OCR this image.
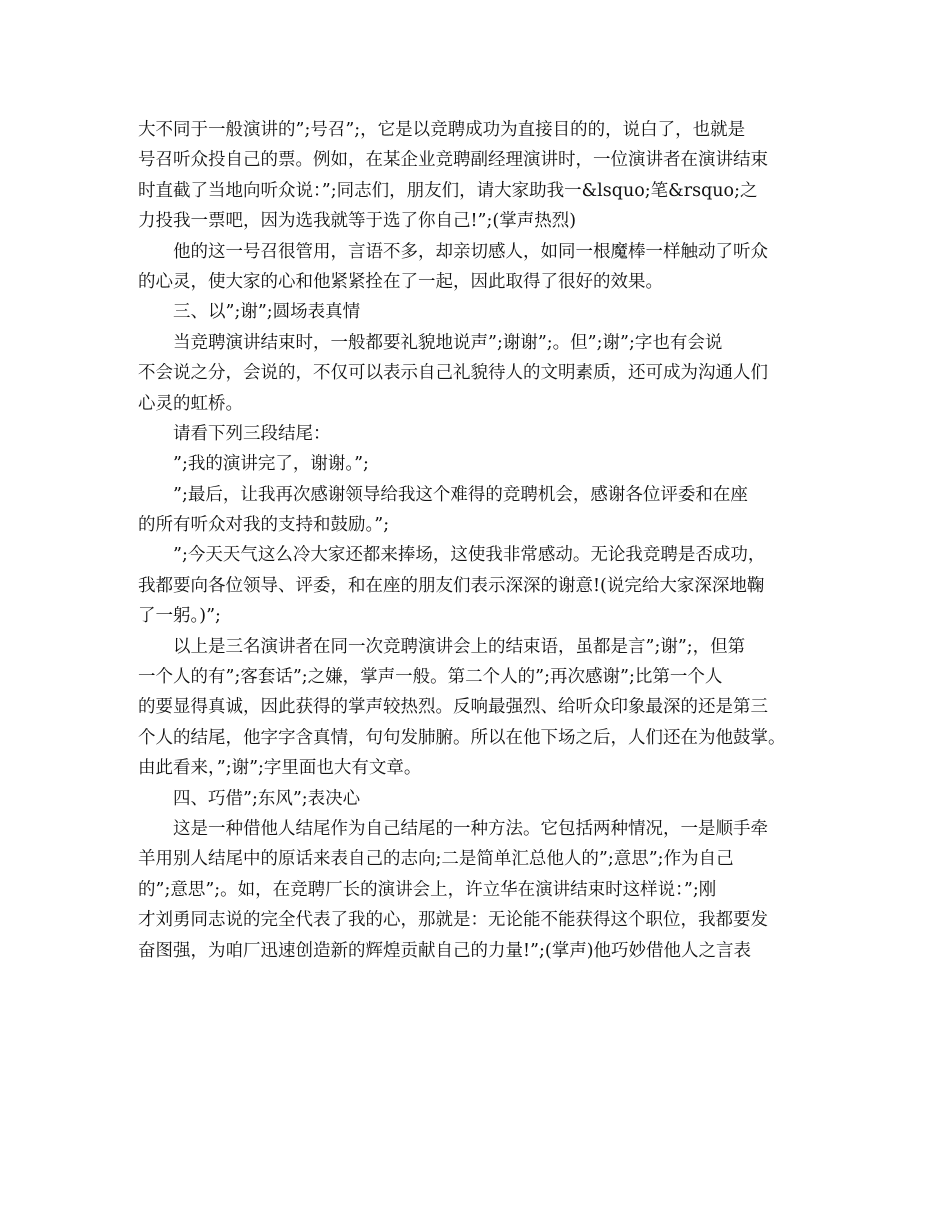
大不同于一般演讲的”;号召”;，它是以竞聘成功为直接目的的，说白了，也就是
号召听众投自己的票。例如，在某企业竞聘副经理演讲时，一位演讲者在演讲结束
时直截了当地向听众说：”;同志们，朋友们，请大家助我一&lsquo;笔&rsquo;之
力投我一票吧，因为选我就等于选了你自己!”;(掌声热烈)
他的这一号召很管用，言语不多，却亲切感人，如同一根魔棒一样触动了听众
的心灵，使大家的心和他紧紧拴在了一起，因此取得了很好的效果。
三、以”;谢”;圆场表真情
当竞聘演讲结束时，一般都要礼貌地说声”;谢谢”;。但”;谢”;字也有会说
不会说之分，会说的，不仅可以表示自己礼貌待人的文明素质，还可成为沟通人们
心灵的虹桥。
请看下列三段结尾：
”;我的演讲完了，谢谢。”;
”;最后，让我再次感谢领导给我这个难得的竞聘机会，感谢各位评委和在座
的所有听众对我的支持和鼓励。”;
”;今天天气这么冷大家还都来捧场，这使我非常感动。无论我竞聘是否成功，
我都要向各位领导、评委，和在座的朋友们表示深深的谢意!(说完给大家深深地鞠
了一躬。)”;
以上是三名演讲者在同一次竞聘演讲会上的结束语，虽都是言”;谢”;，但第
一个人的有”;客套话”;之嫌，掌声一般。第二个人的”;再次感谢”;比第一个人
的要显得真诚，因此获得的掌声较热烈。反响最强烈、给听众印象最深的还是第三
个人的结尾，他字字含真情，句句发肺腑。所以在他下场之后，人们还在为他鼓掌。
由此看来，”;谢”;字里面也大有文章。
四、巧借”;东风”;表决心
这是一种借他人结尾作为自己结尾的一种方法。它包括两种情况，一是顺手牵
羊用别人结尾中的原话来表自己的志向;二是简单汇总他人的”;意思”;作为自己
的”;意思”;。如，在竞聘厂长的演讲会上，许立华在演讲结束时这样说：”;刚
才刘勇同志说的完全代表了我的心，那就是：无论能不能获得这个职位，我都要发
奋图强，为咱厂迅速创造新的辉煌贡献自己的力量!”;(掌声)他巧妙借他人之言表
